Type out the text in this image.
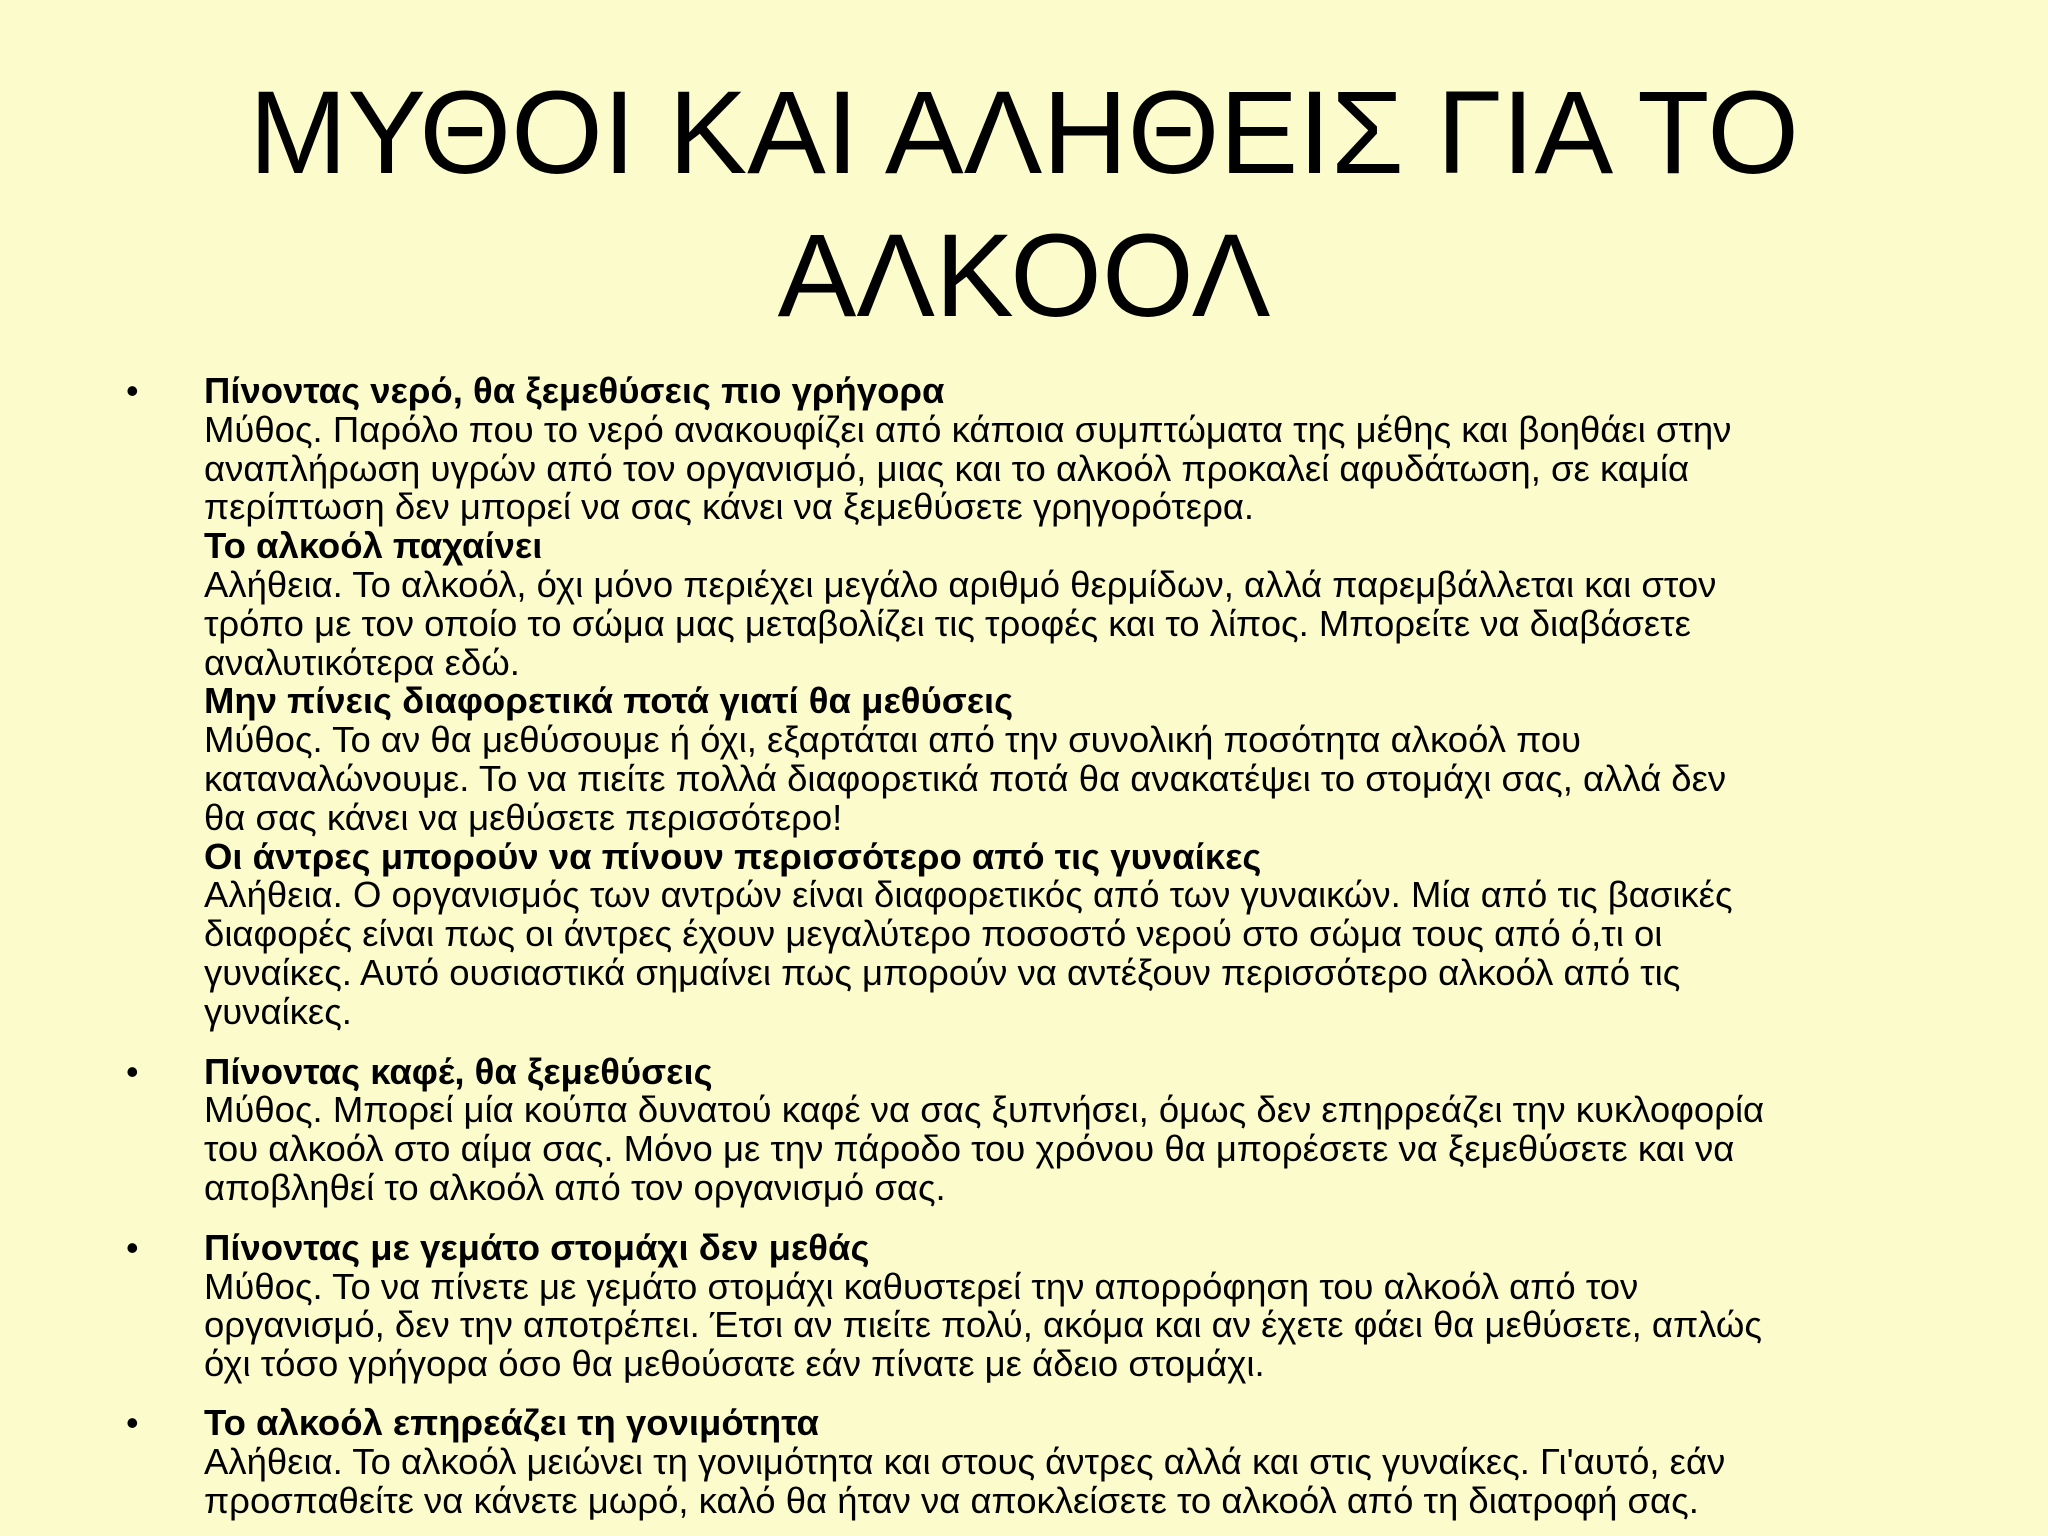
ΜΥΘΟΙ ΚΑΙ ΑΛΗΘΕΙΣ ΓΙΑ ΤΟ
ΑΛΚΟΟΛ
• Πίνοντας νερό, θα ξεμεθύσεις πιο γρήγορα
Μύθος. Παρόλο που το νερό ανακουφίζει από κάποια συμπτώματα της μέθης και βοηθάει στην
αναπλήρωση υγρών από τον οργανισμό, μιας και το αλκοόλ προκαλεί αφυδάτωση, σε καμία
περίπτωση δεν μπορεί να σας κάνει να ξεμεθύσετε γρηγορότερα.
Το αλκοόλ παχαίνει
Αλήθεια. Το αλκοόλ, όχι μόνο περιέχει μεγάλο αριθμό θερμίδων, αλλά παρεμβάλλεται και στον
τρόπο με τον οποίο το σώμα μας μεταβολίζει τις τροφές και το λίπος. Μπορείτε να διαβάσετε
αναλυτικότερα εδώ.
Μην πίνεις διαφορετικά ποτά γιατί θα μεθύσεις
Μύθος. Το αν θα μεθύσουμε ή όχι, εξαρτάται από την συνολική ποσότητα αλκοόλ που
καταναλώνουμε. Το να πιείτε πολλά διαφορετικά ποτά θα ανακατέψει το στομάχι σας, αλλά δεν
θα σας κάνει να μεθύσετε περισσότερο!
Οι άντρες μπορούν να πίνουν περισσότερο από τις γυναίκες
Αλήθεια. Ο οργανισμός των αντρών είναι διαφορετικός από των γυναικών. Μία από τις βασικές
διαφορές είναι πως οι άντρες έχουν μεγαλύτερο ποσοστό νερού στο σώμα τους από ό,τι οι
γυναίκες. Αυτό ουσιαστικά σημαίνει πως μπορούν να αντέξουν περισσότερο αλκοόλ από τις
γυναίκες.
• Πίνοντας καφέ, θα ξεμεθύσεις
Μύθος. Μπορεί μία κούπα δυνατού καφέ να σας ξυπνήσει, όμως δεν επηρρεάζει την κυκλοφορία
του αλκοόλ στο αίμα σας. Μόνο με την πάροδο του χρόνου θα μπορέσετε να ξεμεθύσετε και να
αποβληθεί το αλκοόλ από τον οργανισμό σας.
• Πίνοντας με γεμάτο στομάχι δεν μεθάς
Μύθος. Το να πίνετε με γεμάτο στομάχι καθυστερεί την απορρόφηση του αλκοόλ από τον
οργανισμό, δεν την αποτρέπει. Έτσι αν πιείτε πολύ, ακόμα και αν έχετε φάει θα μεθύσετε, απλώς
όχι τόσο γρήγορα όσο θα μεθούσατε εάν πίνατε με άδειο στομάχι.
• Το αλκοόλ επηρεάζει τη γονιμότητα
Αλήθεια. Το αλκοόλ μειώνει τη γονιμότητα και στους άντρες αλλά και στις γυναίκες. Γι'αυτό, εάν
προσπαθείτε να κάνετε μωρό, καλό θα ήταν να αποκλείσετε το αλκοόλ από τη διατροφή σας.
